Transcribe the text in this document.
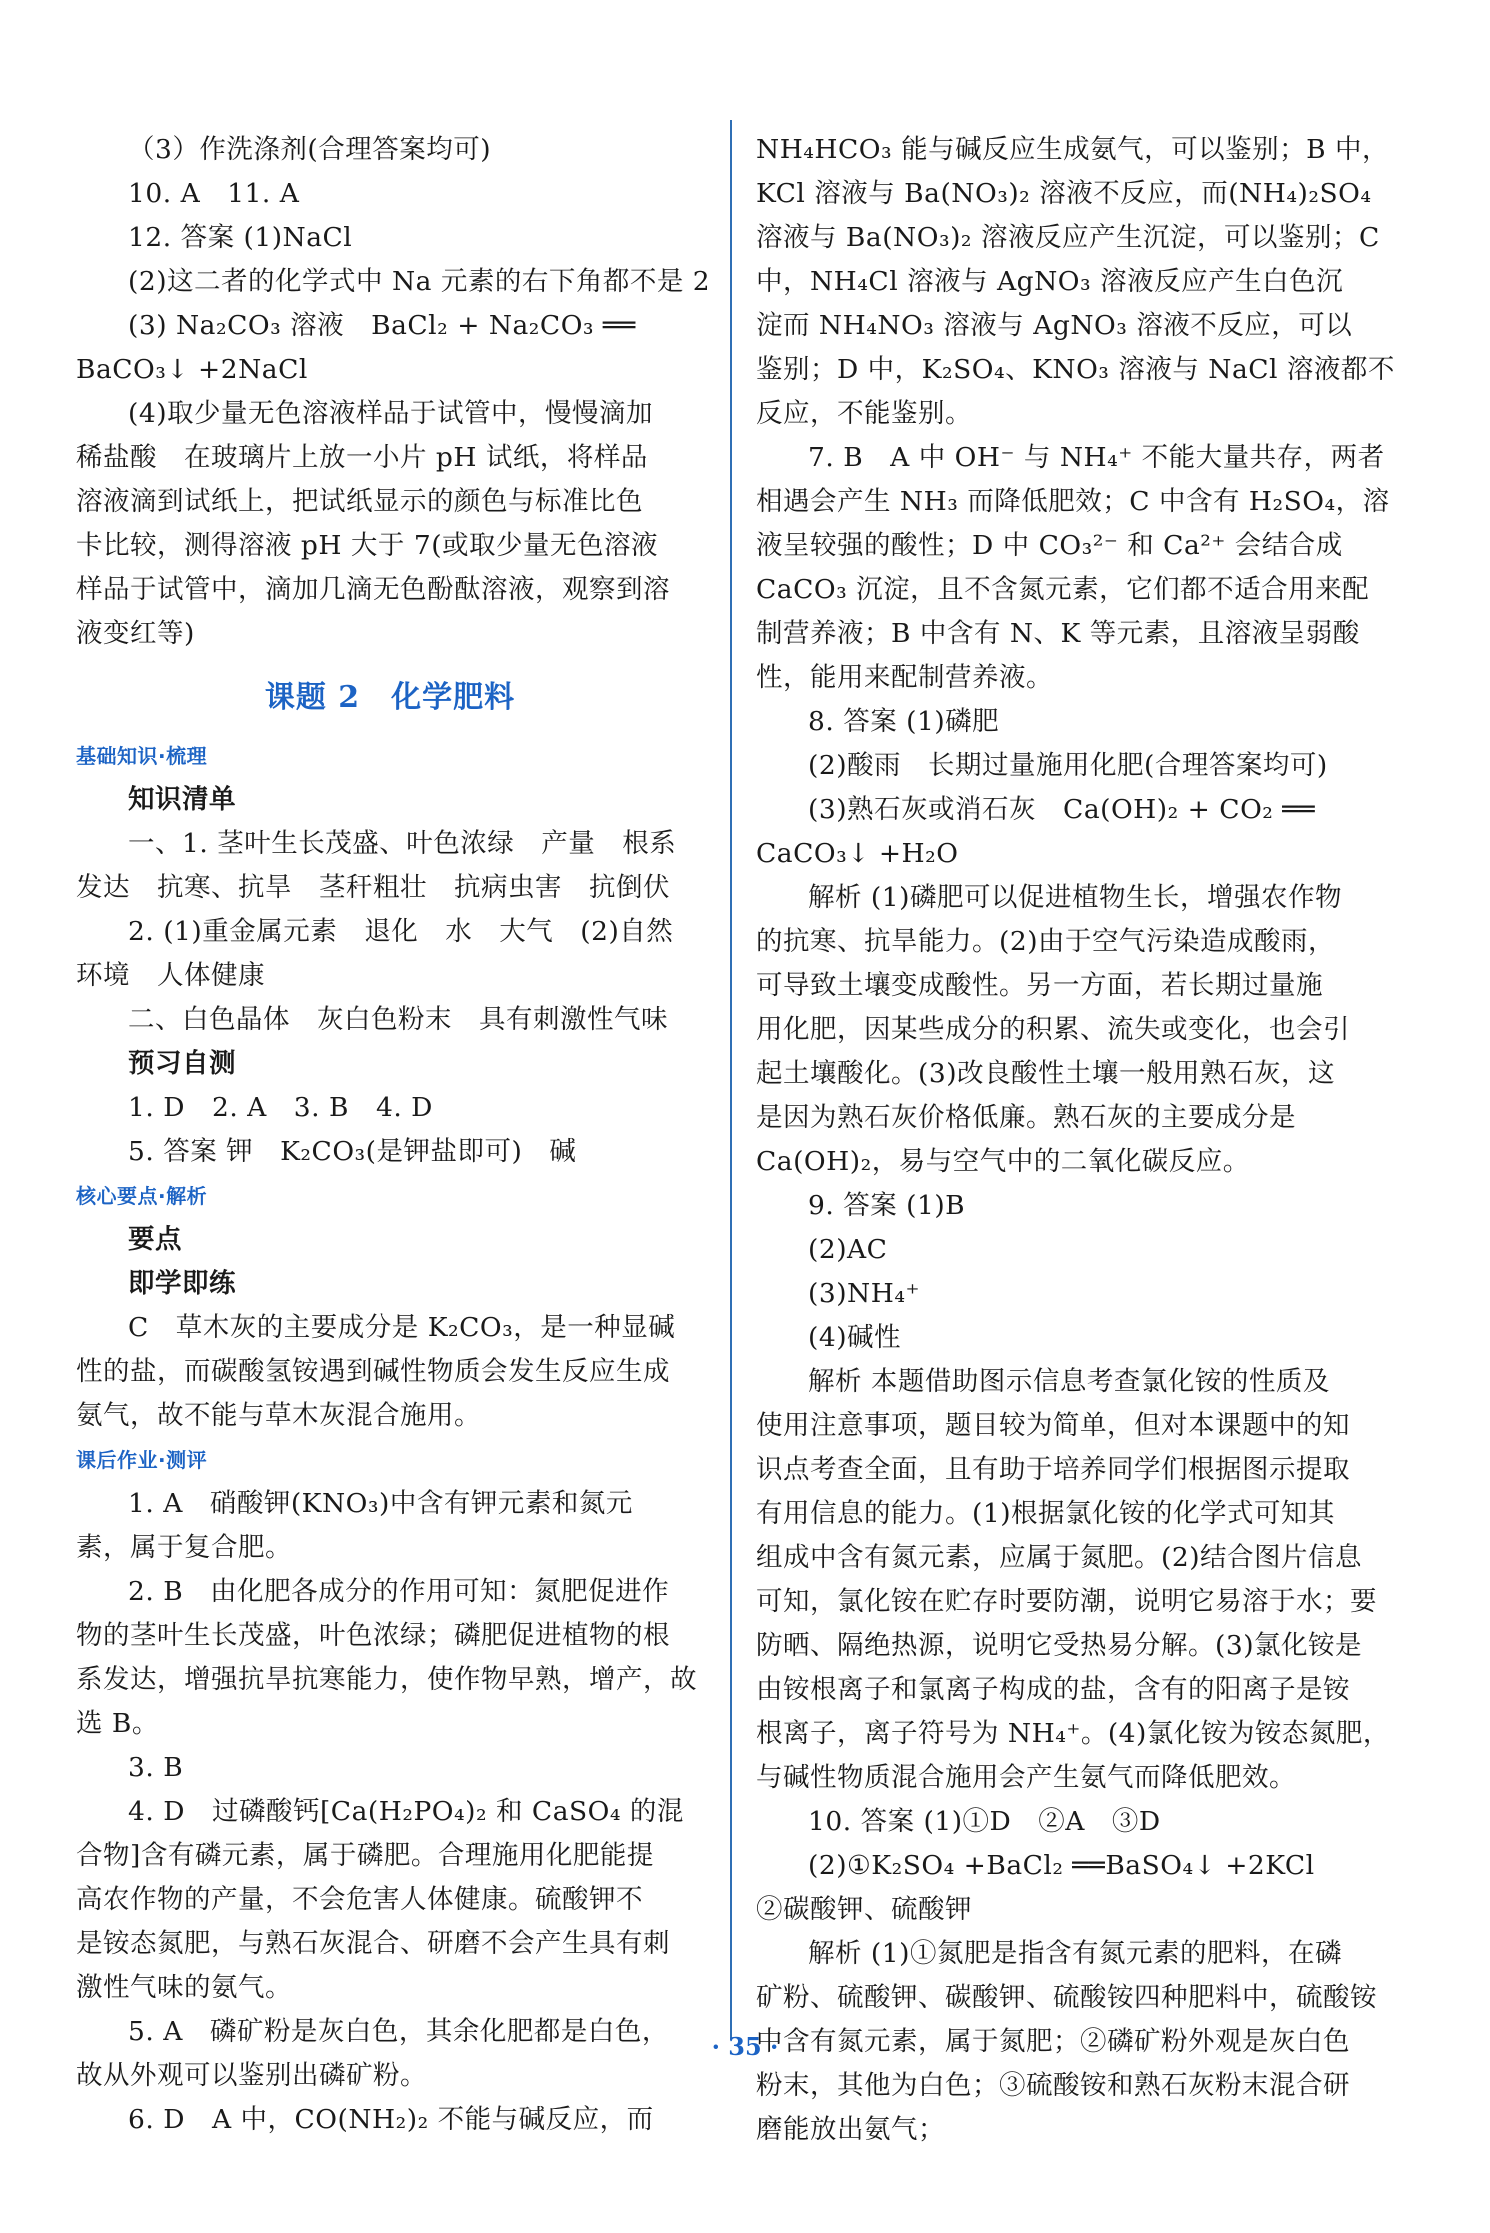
（3）作洗涤剂(合理答案均可)
10. A　11. A
12. 答案 (1)NaCl
(2)这二者的化学式中 Na 元素的右下角都不是 2
(3) Na₂CO₃ 溶液　BaCl₂ + Na₂CO₃ ══
BaCO₃↓ +2NaCl
(4)取少量无色溶液样品于试管中，慢慢滴加
稀盐酸　在玻璃片上放一小片 pH 试纸，将样品
溶液滴到试纸上，把试纸显示的颜色与标准比色
卡比较，测得溶液 pH 大于 7(或取少量无色溶液
样品于试管中，滴加几滴无色酚酞溶液，观察到溶
液变红等)
课题 2　化学肥料
基础知识·梳理
知识清单
一、1. 茎叶生长茂盛、叶色浓绿　产量　根系
发达　抗寒、抗旱　茎秆粗壮　抗病虫害　抗倒伏
2. (1)重金属元素　退化　水　大气　(2)自然
环境　人体健康
二、白色晶体　灰白色粉末　具有刺激性气味
预习自测
1. D　2. A　3. B　4. D
5. 答案 钾　K₂CO₃(是钾盐即可)　碱
核心要点·解析
要点
即学即练
C　草木灰的主要成分是 K₂CO₃，是一种显碱
性的盐，而碳酸氢铵遇到碱性物质会发生反应生成
氨气，故不能与草木灰混合施用。
课后作业·测评
1. A　硝酸钾(KNO₃)中含有钾元素和氮元
素，属于复合肥。
2. B　由化肥各成分的作用可知：氮肥促进作
物的茎叶生长茂盛，叶色浓绿；磷肥促进植物的根
系发达，增强抗旱抗寒能力，使作物早熟，增产，故
选 B。
3. B
4. D　过磷酸钙[Ca(H₂PO₄)₂ 和 CaSO₄ 的混
合物]含有磷元素，属于磷肥。合理施用化肥能提
高农作物的产量，不会危害人体健康。硫酸钾不
是铵态氮肥，与熟石灰混合、研磨不会产生具有刺
激性气味的氨气。
5. A　磷矿粉是灰白色，其余化肥都是白色，
故从外观可以鉴别出磷矿粉。
6. D　A 中，CO(NH₂)₂ 不能与碱反应，而
NH₄HCO₃ 能与碱反应生成氨气，可以鉴别；B 中，
KCl 溶液与 Ba(NO₃)₂ 溶液不反应，而(NH₄)₂SO₄
溶液与 Ba(NO₃)₂ 溶液反应产生沉淀，可以鉴别；C
中，NH₄Cl 溶液与 AgNO₃ 溶液反应产生白色沉
淀而 NH₄NO₃ 溶液与 AgNO₃ 溶液不反应，可以
鉴别；D 中，K₂SO₄、KNO₃ 溶液与 NaCl 溶液都不
反应，不能鉴别。
7. B　A 中 OH⁻ 与 NH₄⁺ 不能大量共存，两者
相遇会产生 NH₃ 而降低肥效；C 中含有 H₂SO₄，溶
液呈较强的酸性；D 中 CO₃²⁻ 和 Ca²⁺ 会结合成
CaCO₃ 沉淀，且不含氮元素，它们都不适合用来配
制营养液；B 中含有 N、K 等元素，且溶液呈弱酸
性，能用来配制营养液。
8. 答案 (1)磷肥
(2)酸雨　长期过量施用化肥(合理答案均可)
(3)熟石灰或消石灰　Ca(OH)₂ + CO₂ ══
CaCO₃↓ +H₂O
解析 (1)磷肥可以促进植物生长，增强农作物
的抗寒、抗旱能力。(2)由于空气污染造成酸雨，
可导致土壤变成酸性。另一方面，若长期过量施
用化肥，因某些成分的积累、流失或变化，也会引
起土壤酸化。(3)改良酸性土壤一般用熟石灰，这
是因为熟石灰价格低廉。熟石灰的主要成分是
Ca(OH)₂，易与空气中的二氧化碳反应。
9. 答案 (1)B
(2)AC
(3)NH₄⁺
(4)碱性
解析 本题借助图示信息考查氯化铵的性质及
使用注意事项，题目较为简单，但对本课题中的知
识点考查全面，且有助于培养同学们根据图示提取
有用信息的能力。(1)根据氯化铵的化学式可知其
组成中含有氮元素，应属于氮肥。(2)结合图片信息
可知，氯化铵在贮存时要防潮，说明它易溶于水；要
防晒、隔绝热源，说明它受热易分解。(3)氯化铵是
由铵根离子和氯离子构成的盐，含有的阳离子是铵
根离子，离子符号为 NH₄⁺。(4)氯化铵为铵态氮肥，
与碱性物质混合施用会产生氨气而降低肥效。
10. 答案 (1)①D　②A　③D
(2)①K₂SO₄ +BaCl₂ ══BaSO₄↓ +2KCl
②碳酸钾、硫酸钾
解析 (1)①氮肥是指含有氮元素的肥料，在磷
矿粉、硫酸钾、碳酸钾、硫酸铵四种肥料中，硫酸铵
中含有氮元素，属于氮肥；②磷矿粉外观是灰白色
粉末，其他为白色；③硫酸铵和熟石灰粉末混合研
磨能放出氨气；
· 35 ·
